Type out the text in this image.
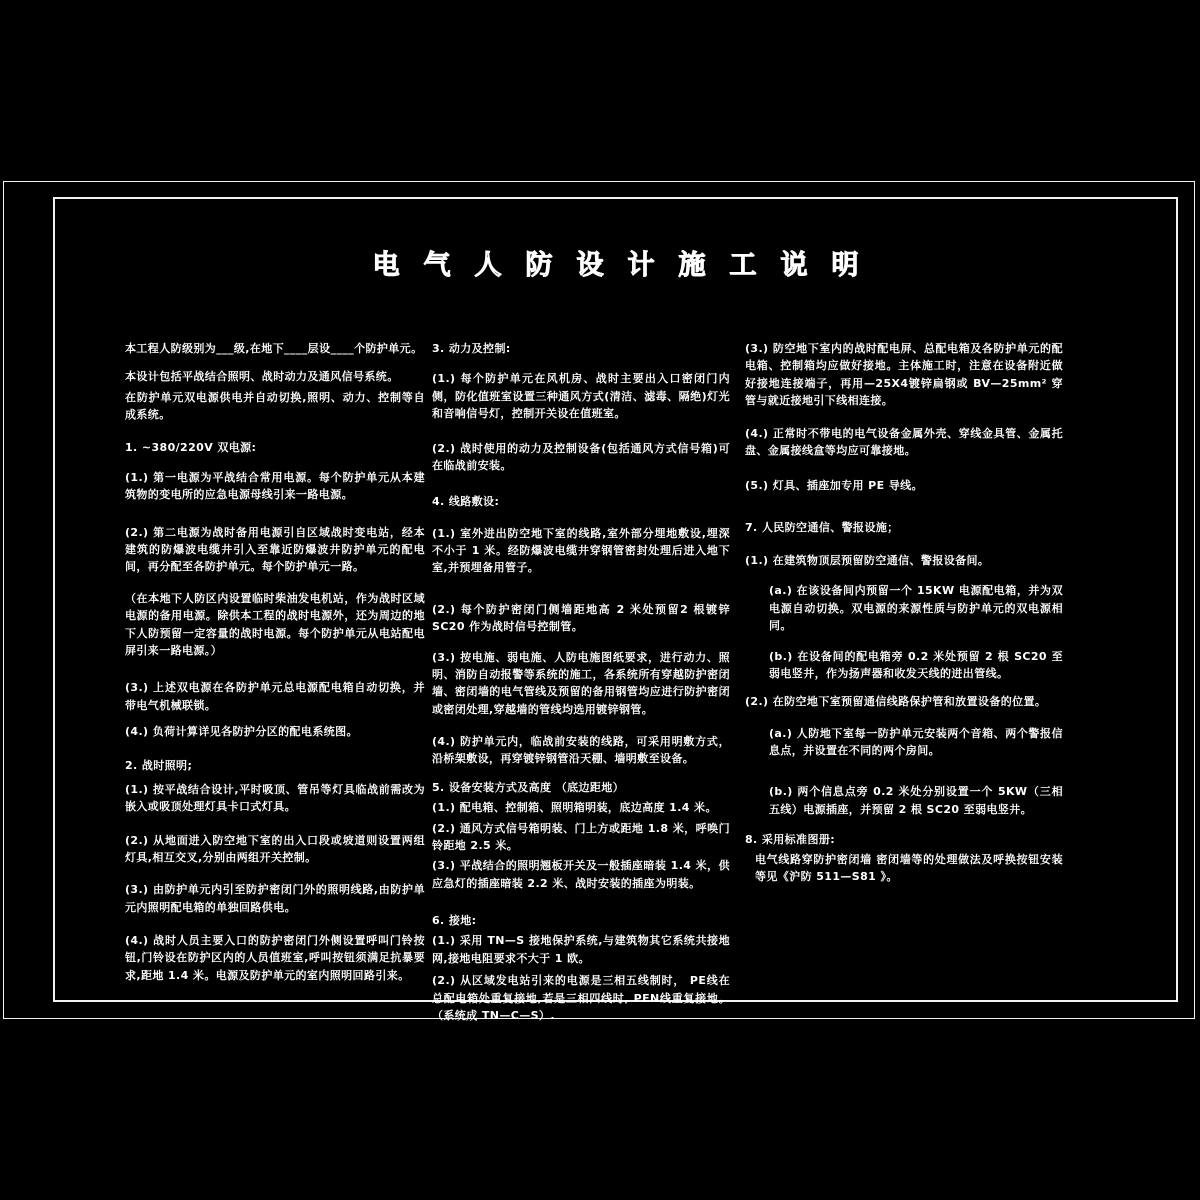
电气人防设计施工说明

本工程人防级别为___级,在地下____层设____个防护单元。

本设计包括平战结合照明、战时动力及通风信号系统。

在防护单元双电源供电并自动切换,照明、动力、控制等自成系统。

1. ~380/220V 双电源:

(1.) 第一电源为平战结合常用电源。每个防护单元从本建筑物的变电所的应急电源母线引来一路电源。

(2.) 第二电源为战时备用电源引自区域战时变电站，经本建筑的防爆波电缆井引入至靠近防爆波井防护单元的配电间，再分配至各防护单元。每个防护单元一路。

（在本地下人防区内设置临时柴油发电机站，作为战时区域电源的备用电源。除供本工程的战时电源外，还为周边的地下人防预留一定容量的战时电源。每个防护单元从电站配电屏引来一路电源。）

(3.) 上述双电源在各防护单元总电源配电箱自动切换，并带电气机械联锁。

(4.) 负荷计算详见各防护分区的配电系统图。

2. 战时照明;

(1.) 按平战结合设计,平时吸顶、管吊等灯具临战前需改为嵌入或吸顶处理灯具卡口式灯具。

(2.) 从地面进入防空地下室的出入口段或坡道则设置两组灯具,相互交叉,分别由两组开关控制。

(3.) 由防护单元内引至防护密闭门外的照明线路,由防护单元内照明配电箱的单独回路供电。

(4.) 战时人员主要入口的防护密闭门外侧设置呼叫门铃按钮,门铃设在防护区内的人员值班室,呼叫按钮须满足抗暴要求,距地 1.4 米。电源及防护单元的室内照明回路引来。

3. 动力及控制:

(1.) 每个防护单元在风机房、战时主要出入口密闭门内侧，防化值班室设置三种通风方式(清洁、滤毒、隔绝)灯光和音响信号灯，控制开关设在值班室。

(2.) 战时使用的动力及控制设备(包括通风方式信号箱)可在临战前安装。

4. 线路敷设:

(1.) 室外进出防空地下室的线路,室外部分埋地敷设,埋深不小于 1 米。经防爆波电缆井穿钢管密封处理后进入地下室,并预埋备用管子。

(2.) 每个防护密闭门侧墙距地高 2 米处预留2 根镀锌 SC20 作为战时信号控制管。

(3.) 按电施、弱电施、人防电施图纸要求，进行动力、照明、消防自动报警等系统的施工，各系统所有穿越防护密闭墙、密闭墙的电气管线及预留的备用钢管均应进行防护密闭或密闭处理,穿越墙的管线均选用镀锌钢管。

(4.) 防护单元内，临战前安装的线路，可采用明敷方式，沿桥架敷设，再穿镀锌钢管沿天棚、墙明敷至设备。

5. 设备安装方式及高度 （底边距地）

(1.) 配电箱、控制箱、照明箱明装，底边高度 1.4 米。

(2.) 通风方式信号箱明装、门上方或距地 1.8 米，呼唤门铃距地 2.5 米。

(3.) 平战结合的照明翘板开关及一般插座暗装 1.4 米，供应急灯的插座暗装 2.2 米、战时安装的插座为明装。

6. 接地:

(1.) 采用 TN—S 接地保护系统,与建筑物其它系统共接地网,接地电阻要求不大于 1 欧。

(2.) 从区域发电站引来的电源是三相五线制时， PE线在总配电箱处重复接地,若是三相四线时, PEN线重复接地。（系统成 TN—C—S）.

(3.) 防空地下室内的战时配电屏、总配电箱及各防护单元的配电箱、控制箱均应做好接地。主体施工时，注意在设备附近做好接地连接端子，再用—25X4镀锌扁钢或 BV—25mm² 穿管与就近接地引下线相连接。

(4.) 正常时不带电的电气设备金属外壳、穿线金具管、金属托盘、金属接线盒等均应可靠接地。

(5.) 灯具、插座加专用 PE 导线。

7. 人民防空通信、警报设施；

(1.) 在建筑物顶层预留防空通信、警报设备间。

(a.) 在该设备间内预留一个 15KW 电源配电箱，并为双电源自动切换。双电源的来源性质与防护单元的双电源相同。

(b.) 在设备间的配电箱旁 0.2 米处预留 2 根 SC20 至弱电竖井，作为扬声器和收发天线的进出管线。

(2.) 在防空地下室预留通信线路保护管和放置设备的位置。

(a.) 人防地下室每一防护单元安装两个音箱、两个警报信息点，并设置在不同的两个房间。

(b.) 两个信息点旁 0.2 米处分别设置一个 5KW（三相五线）电源插座，并预留 2 根 SC20 至弱电竖井。

8. 采用标准图册:

电气线路穿防护密闭墙 密闭墙等的处理做法及呼换按钮安装等见《沪防 511—S81 》。
